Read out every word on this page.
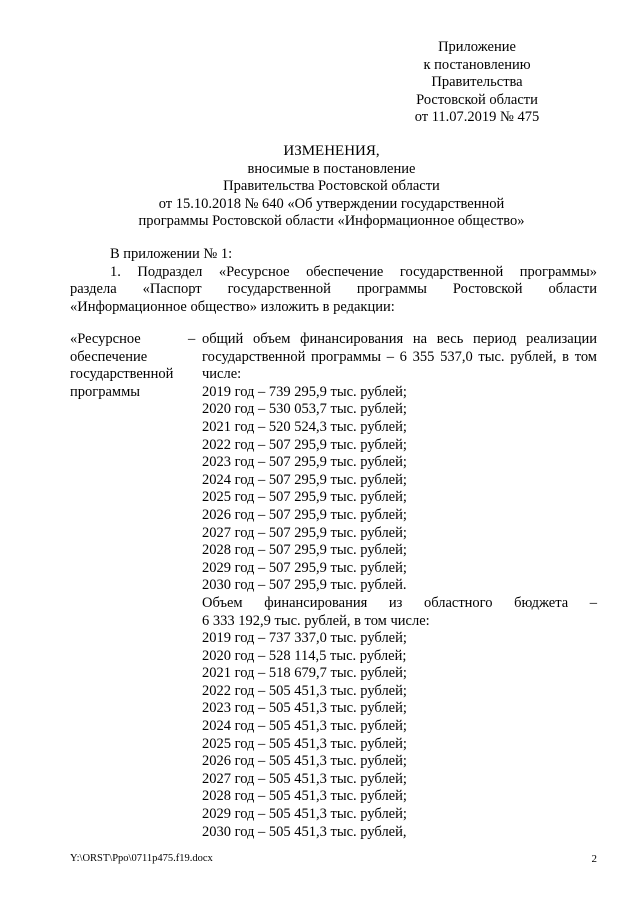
Приложение
к постановлению
Правительства
Ростовской области
от 11.07.2019 № 475
ИЗМЕНЕНИЯ,
вносимые в постановление
Правительства Ростовской области
от 15.10.2018 № 640 «Об утверждении государственной
программы Ростовской области «Информационное общество»
В приложении № 1:
1. Подраздел «Ресурсное обеспечение государственной программы»
раздела «Паспорт государственной программы Ростовской области
«Информационное общество» изложить в редакции:
«Ресурсное
обеспечение
государственной
программы
– общий объем финансирования на весь период реализации
государственной программы – 6 355 537,0 тыс. рублей, в том
числе:
2019 год – 739 295,9 тыс. рублей;
2020 год – 530 053,7 тыс. рублей;
2021 год – 520 524,3 тыс. рублей;
2022 год – 507 295,9 тыс. рублей;
2023 год – 507 295,9 тыс. рублей;
2024 год – 507 295,9 тыс. рублей;
2025 год – 507 295,9 тыс. рублей;
2026 год – 507 295,9 тыс. рублей;
2027 год – 507 295,9 тыс. рублей;
2028 год – 507 295,9 тыс. рублей;
2029 год – 507 295,9 тыс. рублей;
2030 год – 507 295,9 тыс. рублей.
Объем финансирования из областного бюджета –
6 333 192,9 тыс. рублей, в том числе:
2019 год – 737 337,0 тыс. рублей;
2020 год – 528 114,5 тыс. рублей;
2021 год – 518 679,7 тыс. рублей;
2022 год – 505 451,3 тыс. рублей;
2023 год – 505 451,3 тыс. рублей;
2024 год – 505 451,3 тыс. рублей;
2025 год – 505 451,3 тыс. рублей;
2026 год – 505 451,3 тыс. рублей;
2027 год – 505 451,3 тыс. рублей;
2028 год – 505 451,3 тыс. рублей;
2029 год – 505 451,3 тыс. рублей;
2030 год – 505 451,3 тыс. рублей,
Y:\ORST\Ppo\0711p475.f19.docx	2
